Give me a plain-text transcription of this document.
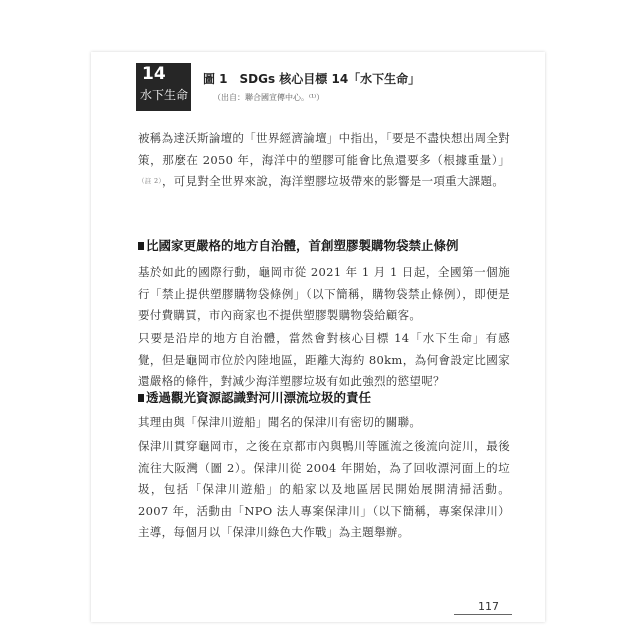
14
水下生命
圖 1　SDGs 核心目標 14「水下生命」
（出自：聯合國宣傳中心。⁽¹⁾）
被稱為達沃斯論壇的「世界經濟論壇」中指出，「要是不盡快想出周全對策，那麼在 2050 年，海洋中的塑膠可能會比魚還要多（根據重量）」（註 2），可見對全世界來說，海洋塑膠垃圾帶來的影響是一項重大課題。
比國家更嚴格的地方自治體，首創塑膠製購物袋禁止條例
基於如此的國際行動，龜岡市從 2021 年 1 月 1 日起，全國第一個施行「禁止提供塑膠購物袋條例」（以下簡稱，購物袋禁止條例），即便是要付費購買，市內商家也不提供塑膠製購物袋給顧客。
只要是沿岸的地方自治體，當然會對核心目標 14「水下生命」有感覺，但是龜岡市位於內陸地區，距離大海約 80km，為何會設定比國家還嚴格的條件，對減少海洋塑膠垃圾有如此強烈的慾望呢？
透過觀光資源認識對河川漂流垃圾的責任
其理由與「保津川遊船」聞名的保津川有密切的關聯。
保津川貫穿龜岡市，之後在京都市內與鴨川等匯流之後流向淀川，最後流往大阪灣（圖 2）。保津川從 2004 年開始，為了回收漂河面上的垃圾，包括「保津川遊船」的船家以及地區居民開始展開清掃活動。2007 年，活動由「NPO 法人專案保津川」（以下簡稱，專案保津川）主導，每個月以「保津川綠色大作戰」為主題舉辦。
117
